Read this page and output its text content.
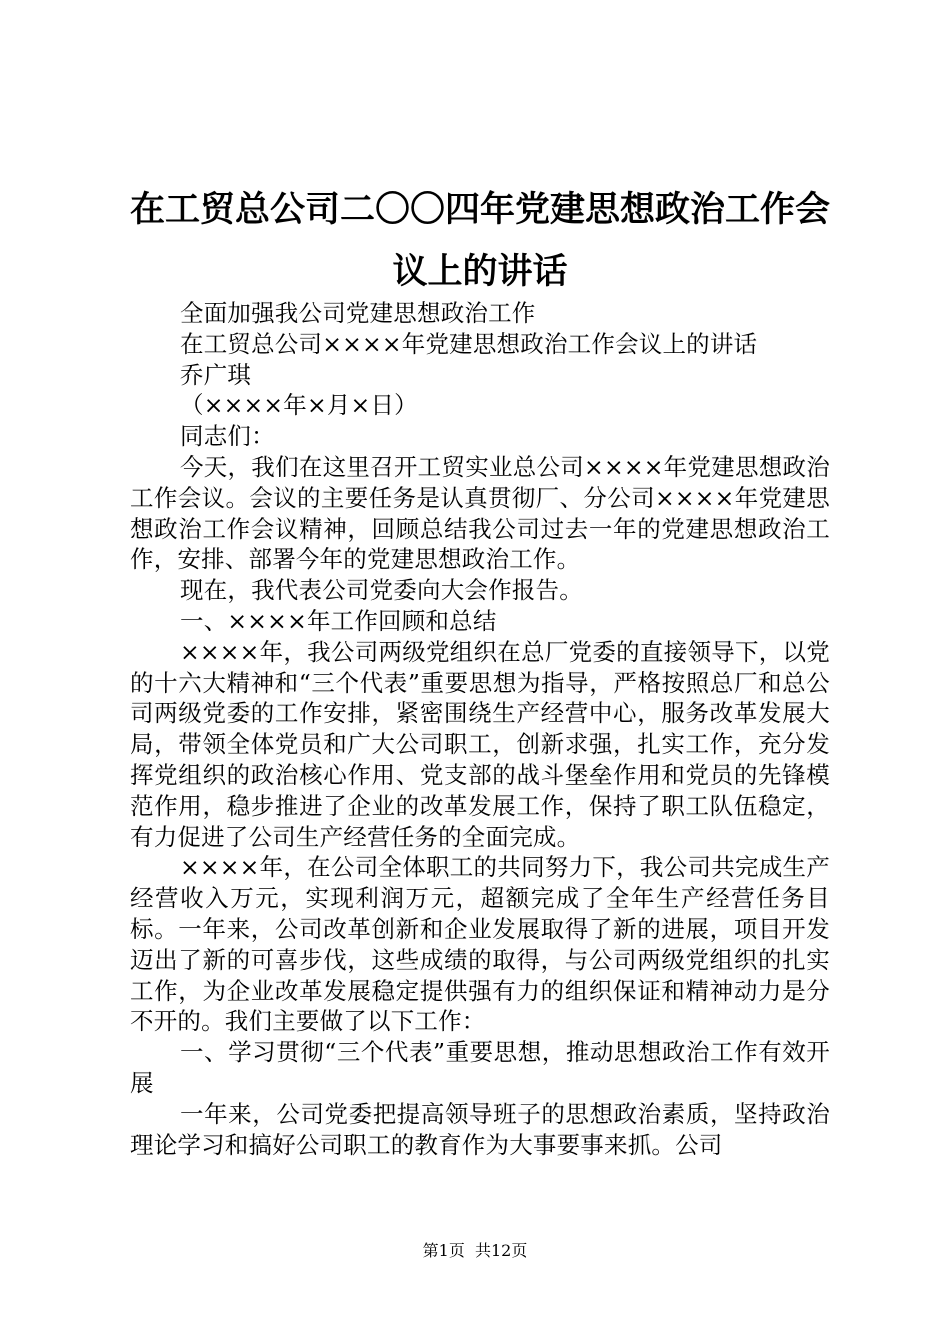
在工贸总公司二〇〇四年党建思想政治工作会
议上的讲话

全面加强我公司党建思想政治工作

在工贸总公司××××年党建思想政治工作会议上的讲话

乔广琪

（××××年×月×日）

同志们：

今天，我们在这里召开工贸实业总公司××××年党建思想政治工作会议。会议的主要任务是认真贯彻厂、分公司××××年党建思想政治工作会议精神，回顾总结我公司过去一年的党建思想政治工作，安排、部署今年的党建思想政治工作。

现在，我代表公司党委向大会作报告。

一、××××年工作回顾和总结

××××年，我公司两级党组织在总厂党委的直接领导下，以党的十六大精神和“三个代表”重要思想为指导，严格按照总厂和总公司两级党委的工作安排，紧密围绕生产经营中心，服务改革发展大局，带领全体党员和广大公司职工，创新求强，扎实工作，充分发挥党组织的政治核心作用、党支部的战斗堡垒作用和党员的先锋模范作用，稳步推进了企业的改革发展工作，保持了职工队伍稳定，有力促进了公司生产经营任务的全面完成。

××××年，在公司全体职工的共同努力下，我公司共完成生产经营收入万元，实现利润万元，超额完成了全年生产经营任务目标。一年来，公司改革创新和企业发展取得了新的进展，项目开发迈出了新的可喜步伐，这些成绩的取得，与公司两级党组织的扎实工作，为企业改革发展稳定提供强有力的组织保证和精神动力是分不开的。我们主要做了以下工作：

一、学习贯彻“三个代表”重要思想，推动思想政治工作有效开展

一年来，公司党委把提高领导班子的思想政治素质，坚持政治理论学习和搞好公司职工的教育作为大事要事来抓。公司

第1页  共12页
